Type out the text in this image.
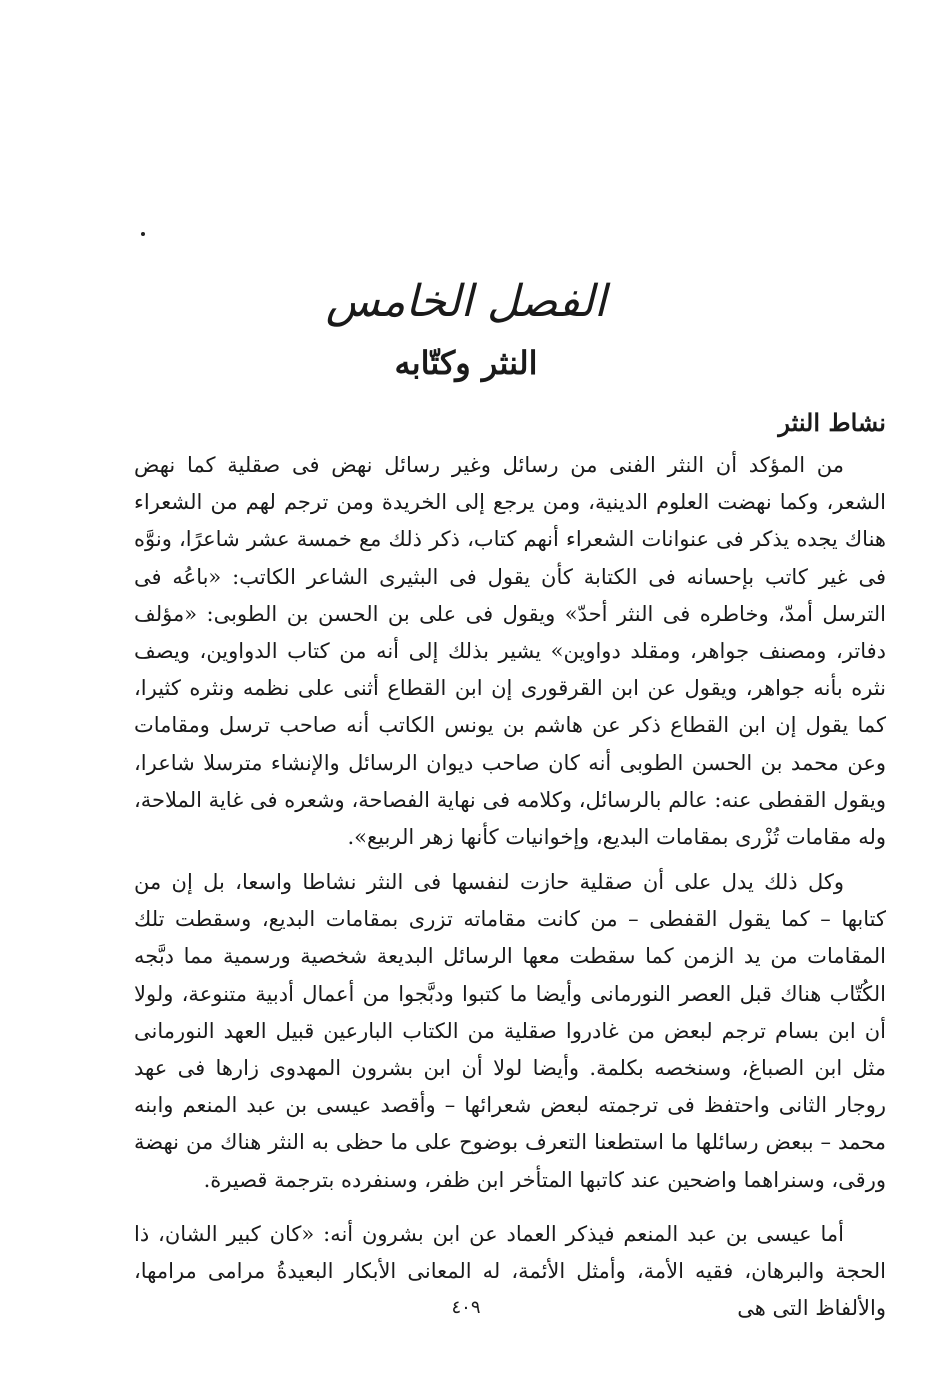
الفصل الخامس
النثر وكتّابه
نشاط النثر

من المؤكد أن النثر الفنى من رسائل وغير رسائل نهض فى صقلية كما نهض الشعر، وكما نهضت العلوم الدينية، ومن يرجع إلى الخريدة ومن ترجم لهم من الشعراء هناك يجده يذكر فى عنوانات الشعراء أنهم كتاب، ذكر ذلك مع خمسة عشر شاعرًا، ونوَّه فى غير كاتب بإحسانه فى الكتابة كأن يقول فى البثيرى الشاعر الكاتب: «باعُه فى الترسل أمدّ، وخاطره فى النثر أحدّ» ويقول فى على بن الحسن بن الطوبى: «مؤلف دفاتر، ومصنف جواهر، ومقلد دواوين» يشير بذلك إلى أنه من كتاب الدواوين، ويصف نثره بأنه جواهر، ويقول عن ابن القرقورى إن ابن القطاع أثنى على نظمه ونثره كثيرا، كما يقول إن ابن القطاع ذكر عن هاشم بن يونس الكاتب أنه صاحب ترسل ومقامات وعن محمد بن الحسن الطوبى أنه كان صاحب ديوان الرسائل والإنشاء مترسلا شاعرا، ويقول القفطى عنه: عالم بالرسائل، وكلامه فى نهاية الفصاحة، وشعره فى غاية الملاحة، وله مقامات تُزْرى بمقامات البديع، وإخوانيات كأنها زهر الربيع».

وكل ذلك يدل على أن صقلية حازت لنفسها فى النثر نشاطا واسعا، بل إن من كتابها – كما يقول القفطى – من كانت مقاماته تزرى بمقامات البديع، وسقطت تلك المقامات من يد الزمن كما سقطت معها الرسائل البديعة شخصية ورسمية مما دبَّجه الكُتّاب هناك قبل العصر النورمانى وأيضا ما كتبوا ودبَّجوا من أعمال أدبية متنوعة، ولولا أن ابن بسام ترجم لبعض من غادروا صقلية من الكتاب البارعين قبيل العهد النورمانى مثل ابن الصباغ، وسنخصه بكلمة. وأيضا لولا أن ابن بشرون المهدوى زارها فى عهد روجار الثانى واحتفظ فى ترجمته لبعض شعرائها – وأقصد عيسى بن عبد المنعم وابنه محمد – ببعض رسائلها ما استطعنا التعرف بوضوح على ما حظى به النثر هناك من نهضة ورقى، وسنراهما واضحين عند كاتبها المتأخر ابن ظفر، وسنفرده بترجمة قصيرة.

أما عيسى بن عبد المنعم فيذكر العماد عن ابن بشرون أنه: «كان كبير الشان، ذا الحجة والبرهان، فقيه الأمة، وأمثل الأئمة، له المعانى الأبكار البعيدةُ مرامى مرامها، والألفاظ التى هى

٤٠٩
